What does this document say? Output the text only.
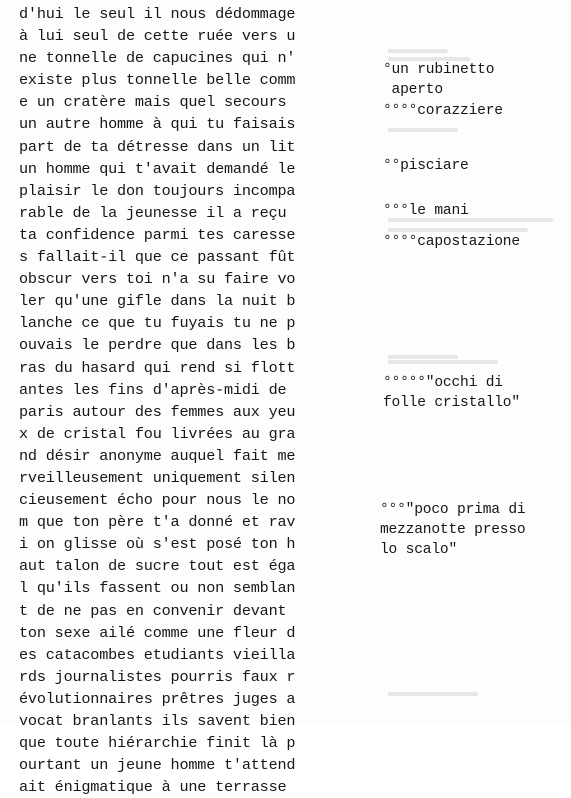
d'hui le seul il nous dédommage
à lui seul de cette ruée vers u
ne tonnelle de capucines qui n'
existe plus tonnelle belle comm
e un cratère mais quel secours
un autre homme à qui tu faisais
part de ta détresse dans un lit
un homme qui t'avait demandé le
plaisir le don toujours incompa
rable de la jeunesse il a reçu
ta confidence parmi tes caresse
s fallait-il que ce passant fût
obscur vers toi n'a su faire vo
ler qu'une gifle dans la nuit b
lanche ce que tu fuyais tu ne p
ouvais le perdre que dans les b
ras du hasard qui rend si flott
antes les fins d'après-midi de
paris autour des femmes aux yeu
x de cristal fou livrées au gra
nd désir anonyme auquel fait me
rveilleusement uniquement silen
cieusement écho pour nous le no
m que ton père t'a donné et rav
i on glisse où s'est posé ton h
aut talon de sucre tout est éga
l qu'ils fassent ou non semblan
t de ne pas en convenir devant
ton sexe ailé comme une fleur d
es catacombes etudiants vieilla
rds journalistes pourris faux r
évolutionnaires prêtres juges a
vocat branlants ils savent bien
que toute hiérarchie finit là p
ourtant un jeune homme t'attend
ait énigmatique à une terrasse
°un rubinetto
aperto
°°°°corazziere
°°pisciare
°°°le mani
°°°°capostazione
°°°°°"occhi di
folle cristallo"
°°°"poco prima di
mezzanotte presso
lo scalo"
